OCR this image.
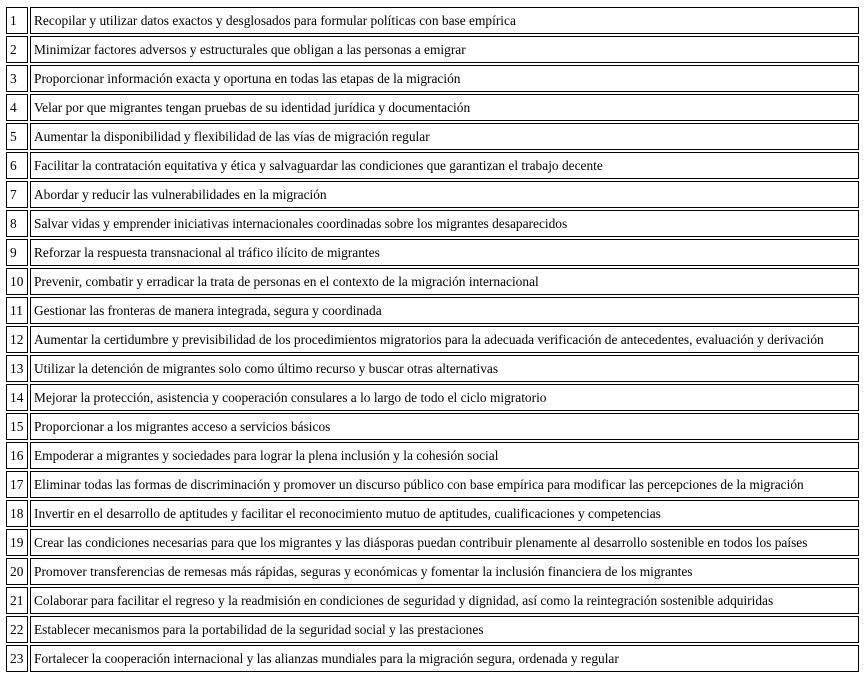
1	Recopilar y utilizar datos exactos y desglosados para formular políticas con base empírica
2	Minimizar factores adversos y estructurales que obligan a las personas a emigrar
3	Proporcionar información exacta y oportuna en todas las etapas de la migración
4	Velar por que migrantes tengan pruebas de su identidad jurídica y documentación
5	Aumentar la disponibilidad y flexibilidad de las vías de migración regular
6	Facilitar la contratación equitativa y ética y salvaguardar las condiciones que garantizan el trabajo decente
7	Abordar y reducir las vulnerabilidades en la migración
8	Salvar vidas y emprender iniciativas internacionales coordinadas sobre los migrantes desaparecidos
9	Reforzar la respuesta transnacional al tráfico ilícito de migrantes
10	Prevenir, combatir y erradicar la trata de personas en el contexto de la migración internacional
11	Gestionar las fronteras de manera integrada, segura y coordinada
12	Aumentar la certidumbre y previsibilidad de los procedimientos migratorios para la adecuada verificación de antecedentes, evaluación y derivación
13	Utilizar la detención de migrantes solo como último recurso y buscar otras alternativas
14	Mejorar la protección, asistencia y cooperación consulares a lo largo de todo el ciclo migratorio
15	Proporcionar a los migrantes acceso a servicios básicos
16	Empoderar a migrantes y sociedades para lograr la plena inclusión y la cohesión social
17	Eliminar todas las formas de discriminación y promover un discurso público con base empírica para modificar las percepciones de la migración
18	Invertir en el desarrollo de aptitudes y facilitar el reconocimiento mutuo de aptitudes, cualificaciones y competencias
19	Crear las condiciones necesarias para que los migrantes y las diásporas puedan contribuir plenamente al desarrollo sostenible en todos los países
20	Promover transferencias de remesas más rápidas, seguras y económicas y fomentar la inclusión financiera de los migrantes
21	Colaborar para facilitar el regreso y la readmisión en condiciones de seguridad y dignidad, así como la reintegración sostenible adquiridas
22	Establecer mecanismos para la portabilidad de la seguridad social y las prestaciones
23	Fortalecer la cooperación internacional y las alianzas mundiales para la migración segura, ordenada y regular
